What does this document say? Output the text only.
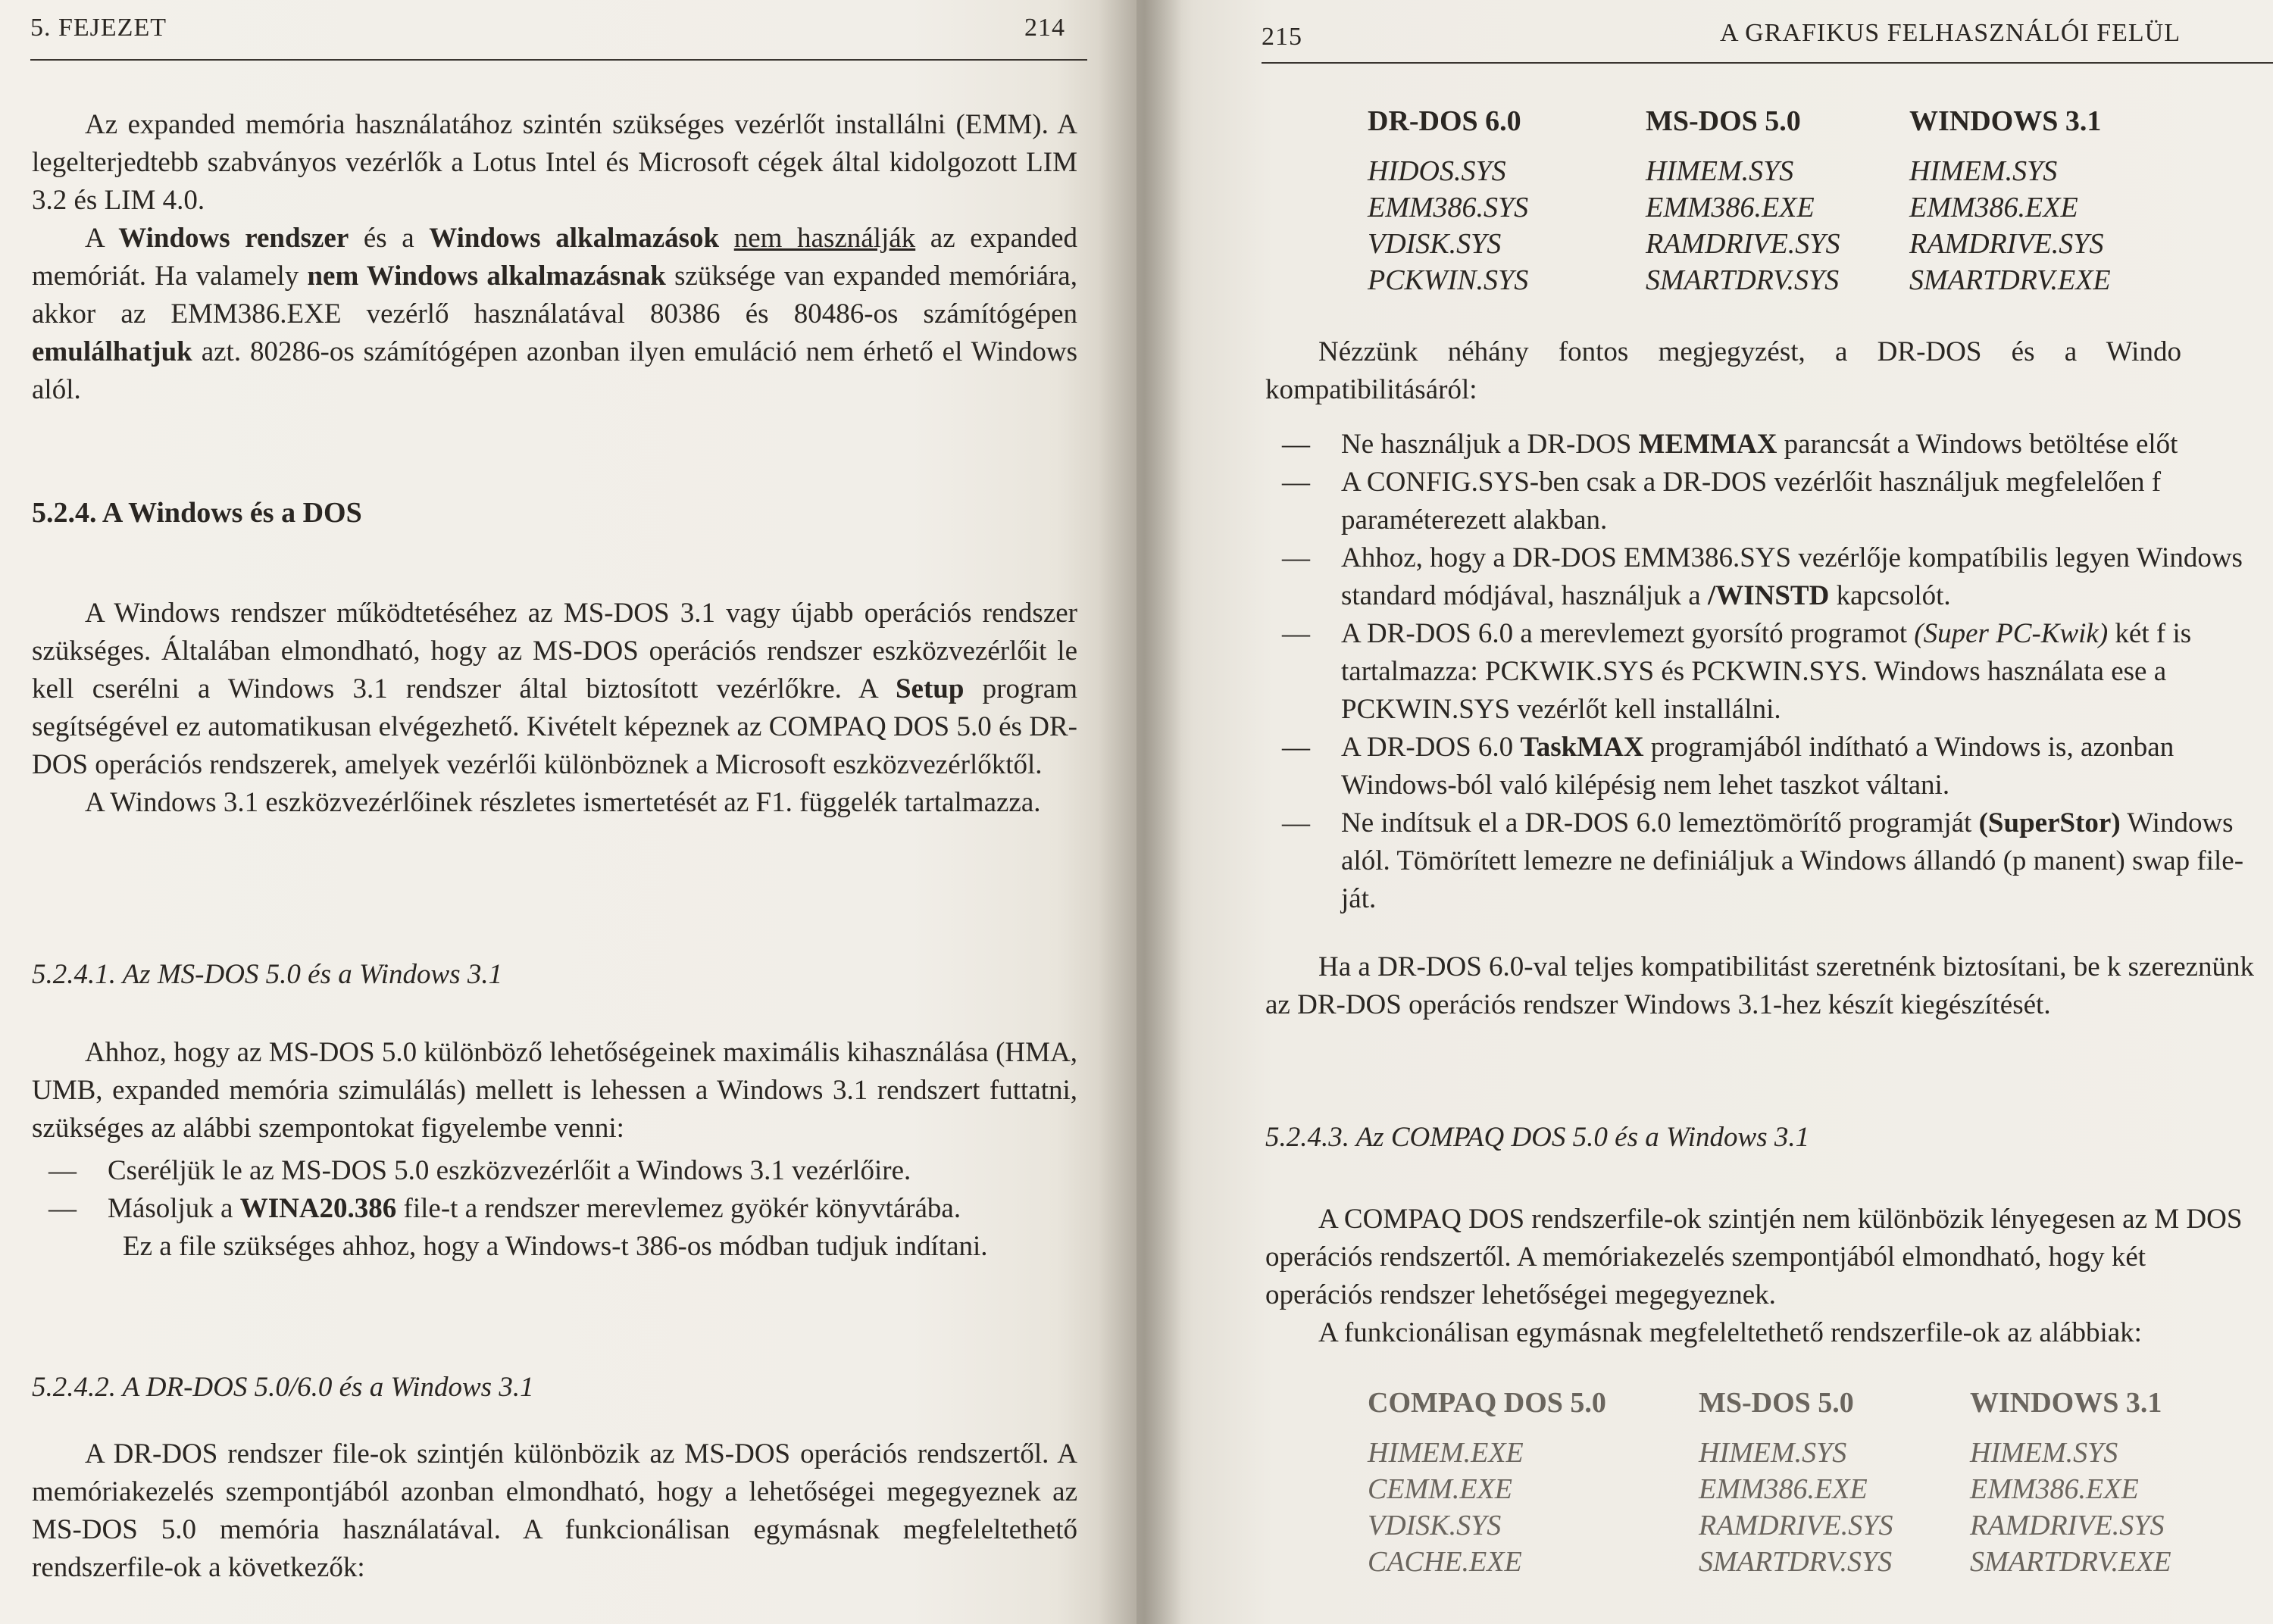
5. FEJEZET	214

Az expanded memória használatához szintén szükséges vezérlőt installálni (EMM). A legelterjedtebb szabványos vezérlők a Lotus Intel és Microsoft cégek által kidolgozott LIM 3.2 és LIM 4.0.

A Windows rendszer és a Windows alkalmazások nem használják az expanded memóriát. Ha valamely nem Windows alkalmazásnak szüksége van expanded memóriára, akkor az EMM386.EXE vezérlő használatával 80386 és 80486-os számítógépen emulálhatjuk azt. 80286-os számítógépen azonban ilyen emuláció nem érhető el Windows alól.

5.2.4. A Windows és a DOS

A Windows rendszer működtetéséhez az MS-DOS 3.1 vagy újabb operációs rendszer szükséges. Általában elmondható, hogy az MS-DOS operációs rendszer eszközvezérlőit le kell cserélni a Windows 3.1 rendszer által biztosított vezérlőkre. A Setup program segítségével ez automatikusan elvégezhető. Kivételt képeznek az COMPAQ DOS 5.0 és DR-DOS operációs rendszerek, amelyek vezérlői különböznek a Microsoft eszközvezérlőktől.

A Windows 3.1 eszközvezérlőinek részletes ismertetését az F1. függelék tartalmazza.

5.2.4.1. Az MS-DOS 5.0 és a Windows 3.1

Ahhoz, hogy az MS-DOS 5.0 különböző lehetőségeinek maximális kihasználása (HMA, UMB, expanded memória szimulálás) mellett is lehessen a Windows 3.1 rendszert futtatni, szükséges az alábbi szempontokat figyelembe venni:

— Cseréljük le az MS-DOS 5.0 eszközvezérlőit a Windows 3.1 vezérlőire.

— Másoljuk a WINA20.386 file-t a rendszer merevlemez gyökér könyvtárába.

Ez a file szükséges ahhoz, hogy a Windows-t 386-os módban tudjuk indítani.

5.2.4.2. A DR-DOS 5.0/6.0 és a Windows 3.1

A DR-DOS rendszer file-ok szintjén különbözik az MS-DOS operációs rendszertől. A memóriakezelés szempontjából azonban elmondható, hogy a lehetőségei megegyeznek az MS-DOS 5.0 memória használatával. A funkcionálisan egymásnak megfeleltethető rendszerfile-ok a következők:

215	A GRAFIKUS FELHASZNÁLÓI FELÜL
DR-DOS 6.0
HIDOS.SYS
EMM386.SYS
VDISK.SYS
PCKWIN.SYS
MS-DOS 5.0
HIMEM.SYS
EMM386.EXE
RAMDRIVE.SYS
SMARTDRV.SYS
WINDOWS 3.1
HIMEM.SYS
EMM386.EXE
RAMDRIVE.SYS
SMARTDRV.EXE

Nézzünk néhány fontos megjegyzést, a DR-DOS és a Windo kompatibilitásáról:

— Ne használjuk a DR-DOS MEMMAX parancsát a Windows betöltése előt

— A CONFIG.SYS-ben csak a DR-DOS vezérlőit használjuk megfelelően f paraméterezett alakban.

— Ahhoz, hogy a DR-DOS EMM386.SYS vezérlője kompatíbilis legyen Windows standard módjával, használjuk a /WINSTD kapcsolót.

— A DR-DOS 6.0 a merevlemezt gyorsító programot (Super PC-Kwik) két f is tartalmazza: PCKWIK.SYS és PCKWIN.SYS. Windows használata ese a PCKWIN.SYS vezérlőt kell installálni.

— A DR-DOS 6.0 TaskMAX programjából indítható a Windows is, azonban Windows-ból való kilépésig nem lehet taszkot váltani.

— Ne indítsuk el a DR-DOS 6.0 lemeztömörítő programját (SuperStor) Windows alól. Tömörített lemezre ne definiáljuk a Windows állandó (p manent) swap file-ját.

Ha a DR-DOS 6.0-val teljes kompatibilitást szeretnénk biztosítani, be k szereznünk az DR-DOS operációs rendszer Windows 3.1-hez készít kiegészítését.

5.2.4.3. Az COMPAQ DOS 5.0 és a Windows 3.1

A COMPAQ DOS rendszerfile-ok szintjén nem különbözik lényegesen az M DOS operációs rendszertől. A memóriakezelés szempontjából elmondható, hogy két operációs rendszer lehetőségei megegyeznek.

A funkcionálisan egymásnak megfeleltethető rendszerfile-ok az alábbiak:

COMPAQ DOS 5.0
HIMEM.EXE
CEMM.EXE
VDISK.SYS
CACHE.EXE
MS-DOS 5.0
HIMEM.SYS
EMM386.EXE
RAMDRIVE.SYS
SMARTDRV.SYS
WINDOWS 3.1
HIMEM.SYS
EMM386.EXE
RAMDRIVE.SYS
SMARTDRV.EXE
